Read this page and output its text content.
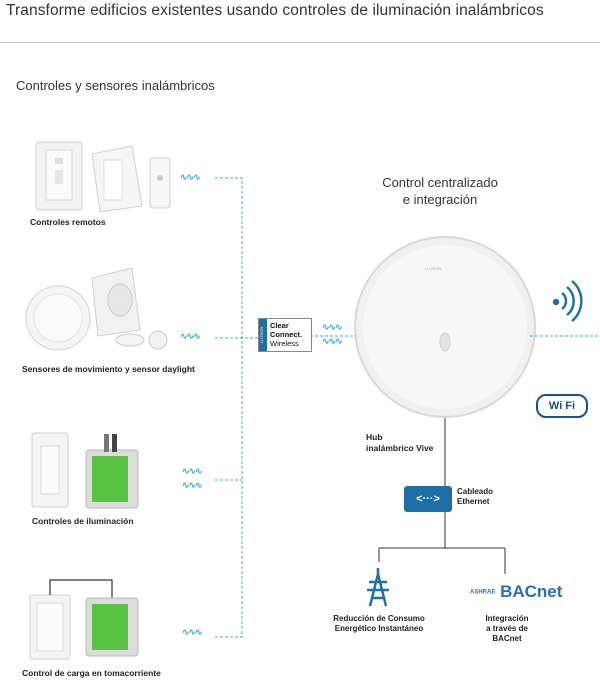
Transforme edificios existentes usando controles de iluminación inalámbricos
Controles y sensores inalámbricos
∿∿∿
∿∿∿
∿∿∿
∿∿∿
∿∿∿
∿∿∿
∿∿∿
Controles remotos
Sensores de movimiento y sensor daylight
Controles de iluminación
Control de carga en tomacorriente
LUTRON
Clear
Connect.
Wireless
Control centralizado
e integración
LUTRON
Wi Fi
Hub
inalámbrico Vive
<···>
Cableado
Ethernet
Reducción de Consumo
Energético Instantáneo
ASHRAE BACnet
Integración
a través de
BACnet
